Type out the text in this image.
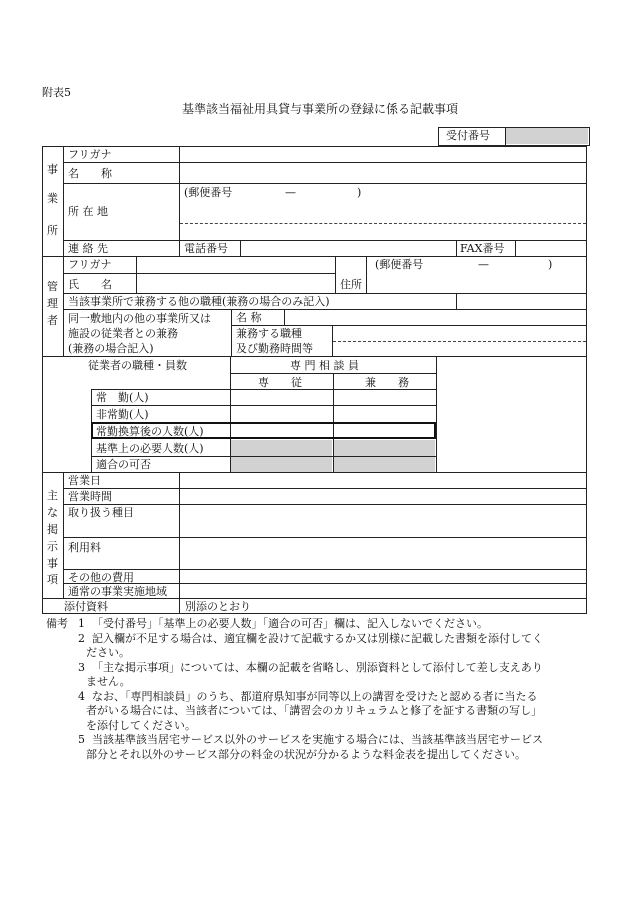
附表5
基準該当福祉用具貸与事業所の登録に係る記載事項
受付番号
事
業
所
フリガナ
名　　称
所 在 地
(郵便番号	—	)
連 絡 先	電話番号	FAX番号
管
理
者
フリガナ
氏　　名	住所
(郵便番号	—	)
当該事業所で兼務する他の職種(兼務の場合のみ記入)
同一敷地内の他の事業所又は
施設の従業者との兼務
(兼務の場合記入)
名 称
兼務する職種
及び勤務時間等
従業者の職種・員数	専 門 相 談 員
専　　従	兼　　務
常　勤(人)
非常勤(人)
常勤換算後の人数(人)
基準上の必要人数(人)
適合の可否
主
な
掲
示
事
項
営業日
営業時間
取り扱う種目
利用料
その他の費用
通常の事業実施地域
添付資料	別添のとおり
備考 1 「受付番号」「基準上の必要人数」「適合の可否」欄は、記入しないでください。
2 記入欄が不足する場合は、適宜欄を設けて記載するか又は別様に記載した書類を添付してく
ださい。
3 「主な掲示事項」については、本欄の記載を省略し、別添資料として添付して差し支えあり
ません。
4 なお、「専門相談員」のうち、都道府県知事が同等以上の講習を受けたと認める者に当たる
者がいる場合には、当該者については、「講習会のカリキュラムと修了を証する書類の写し」
を添付してください。
5 当該基準該当居宅サービス以外のサービスを実施する場合には、当該基準該当居宅サービス
部分とそれ以外のサービス部分の料金の状況が分かるような料金表を提出してください。
